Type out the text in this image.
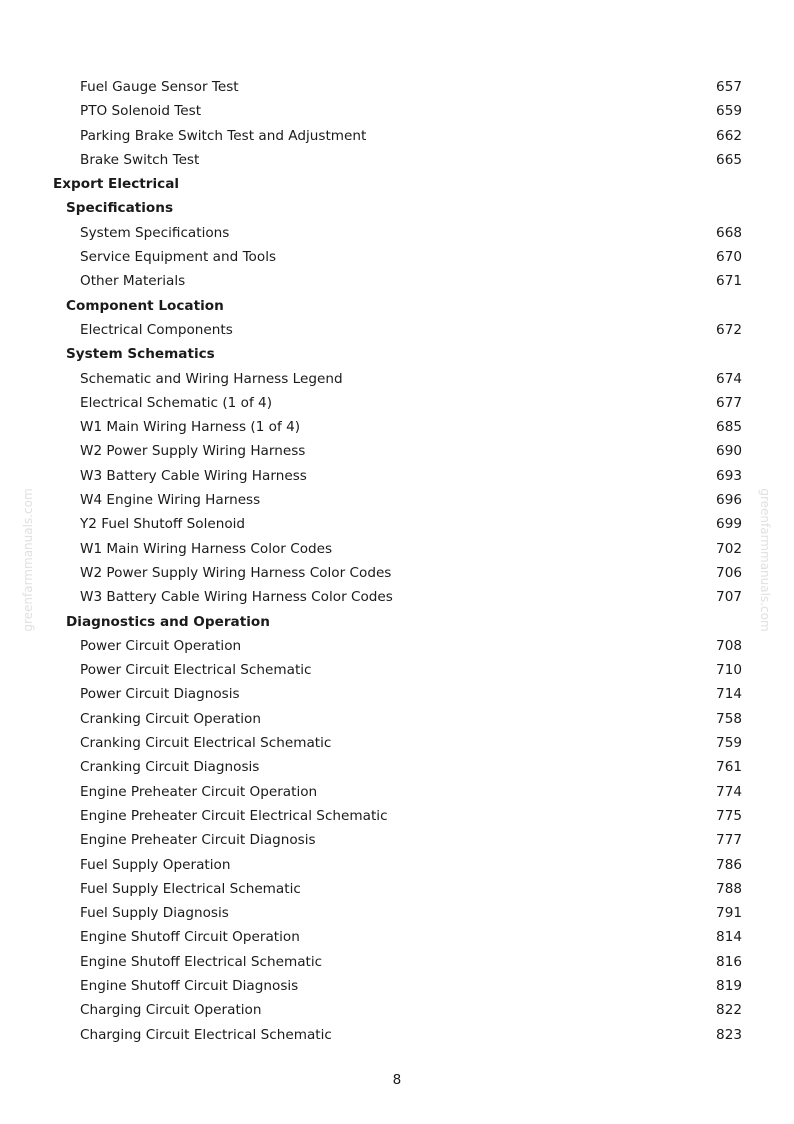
Fuel Gauge Sensor Test	657
PTO Solenoid Test	659
Parking Brake Switch Test and Adjustment	662
Brake Switch Test	665
Export Electrical
Specifications
System Specifications	668
Service Equipment and Tools	670
Other Materials	671
Component Location
Electrical Components	672
System Schematics
Schematic and Wiring Harness Legend	674
Electrical Schematic (1 of 4)	677
W1 Main Wiring Harness (1 of 4)	685
W2 Power Supply Wiring Harness	690
W3 Battery Cable Wiring Harness	693
W4 Engine Wiring Harness	696
Y2 Fuel Shutoff Solenoid	699
W1 Main Wiring Harness Color Codes	702
W2 Power Supply Wiring Harness Color Codes	706
W3 Battery Cable Wiring Harness Color Codes	707
Diagnostics and Operation
Power Circuit Operation	708
Power Circuit Electrical Schematic	710
Power Circuit Diagnosis	714
Cranking Circuit Operation	758
Cranking Circuit Electrical Schematic	759
Cranking Circuit Diagnosis	761
Engine Preheater Circuit Operation	774
Engine Preheater Circuit Electrical Schematic	775
Engine Preheater Circuit Diagnosis	777
Fuel Supply Operation	786
Fuel Supply Electrical Schematic	788
Fuel Supply Diagnosis	791
Engine Shutoff Circuit Operation	814
Engine Shutoff Electrical Schematic	816
Engine Shutoff Circuit Diagnosis	819
Charging Circuit Operation	822
Charging Circuit Electrical Schematic	823
greenfarmmanuals.com	greenfarmmanuals.com
8
